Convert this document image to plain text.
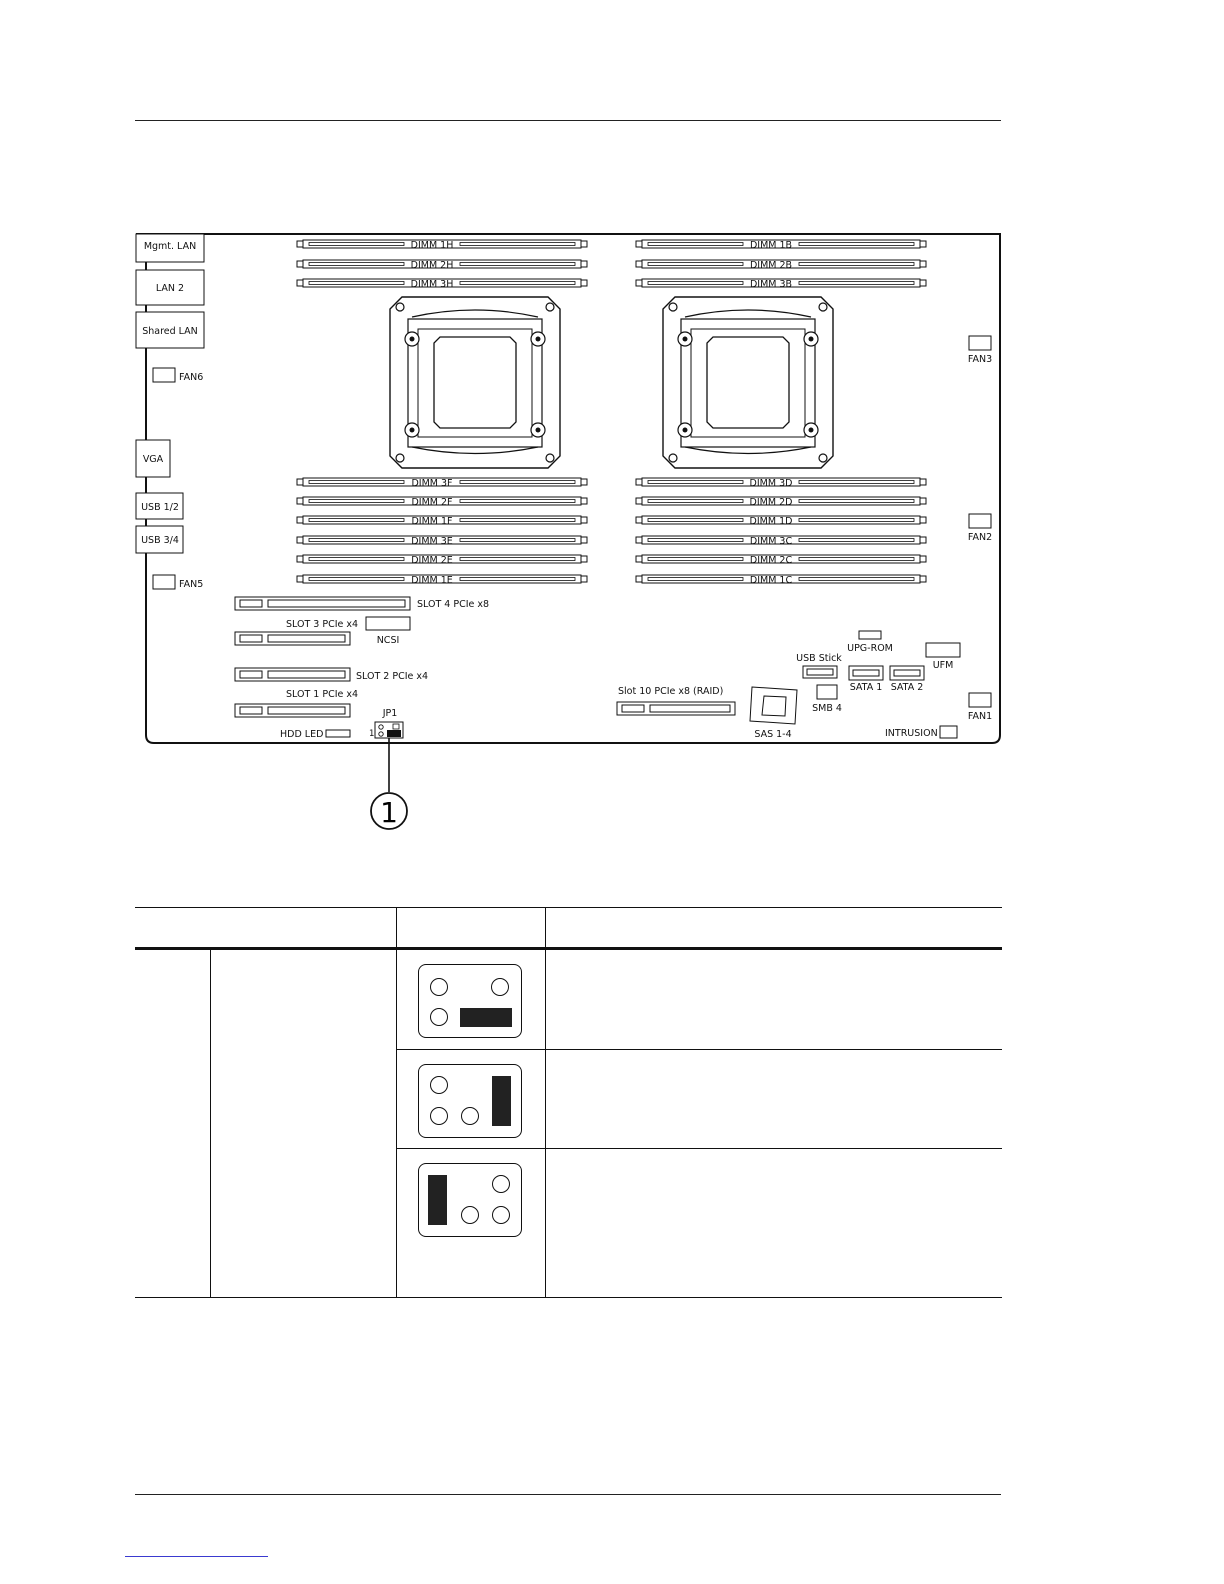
Mgmt. LAN
LAN 2
Shared LAN
VGA
USB 1/2
USB 3/4
DIMM 1H
DIMM 2H
DIMM 3H
DIMM 1B
DIMM 2B
DIMM 3B
DIMM 3F
DIMM 2F
DIMM 1F
DIMM 3E
DIMM 2E
DIMM 1E
DIMM 3D
DIMM 2D
DIMM 1D
DIMM 3C
DIMM 2C
DIMM 1C
FAN6
FAN5
FAN3
FAN2
FAN1
SLOT 4 PCIe x8
SLOT 3 PCIe x4
NCSI
SLOT 2 PCIe x4
SLOT 1 PCIe x4	Slot 10 PCIe x8 (RAID)
JP1
1
HDD LED
USB Stick
UPG-ROM
UFM
SATA 1 SATA 2
SMB 4
SAS 1-4	INTRUSION
1
